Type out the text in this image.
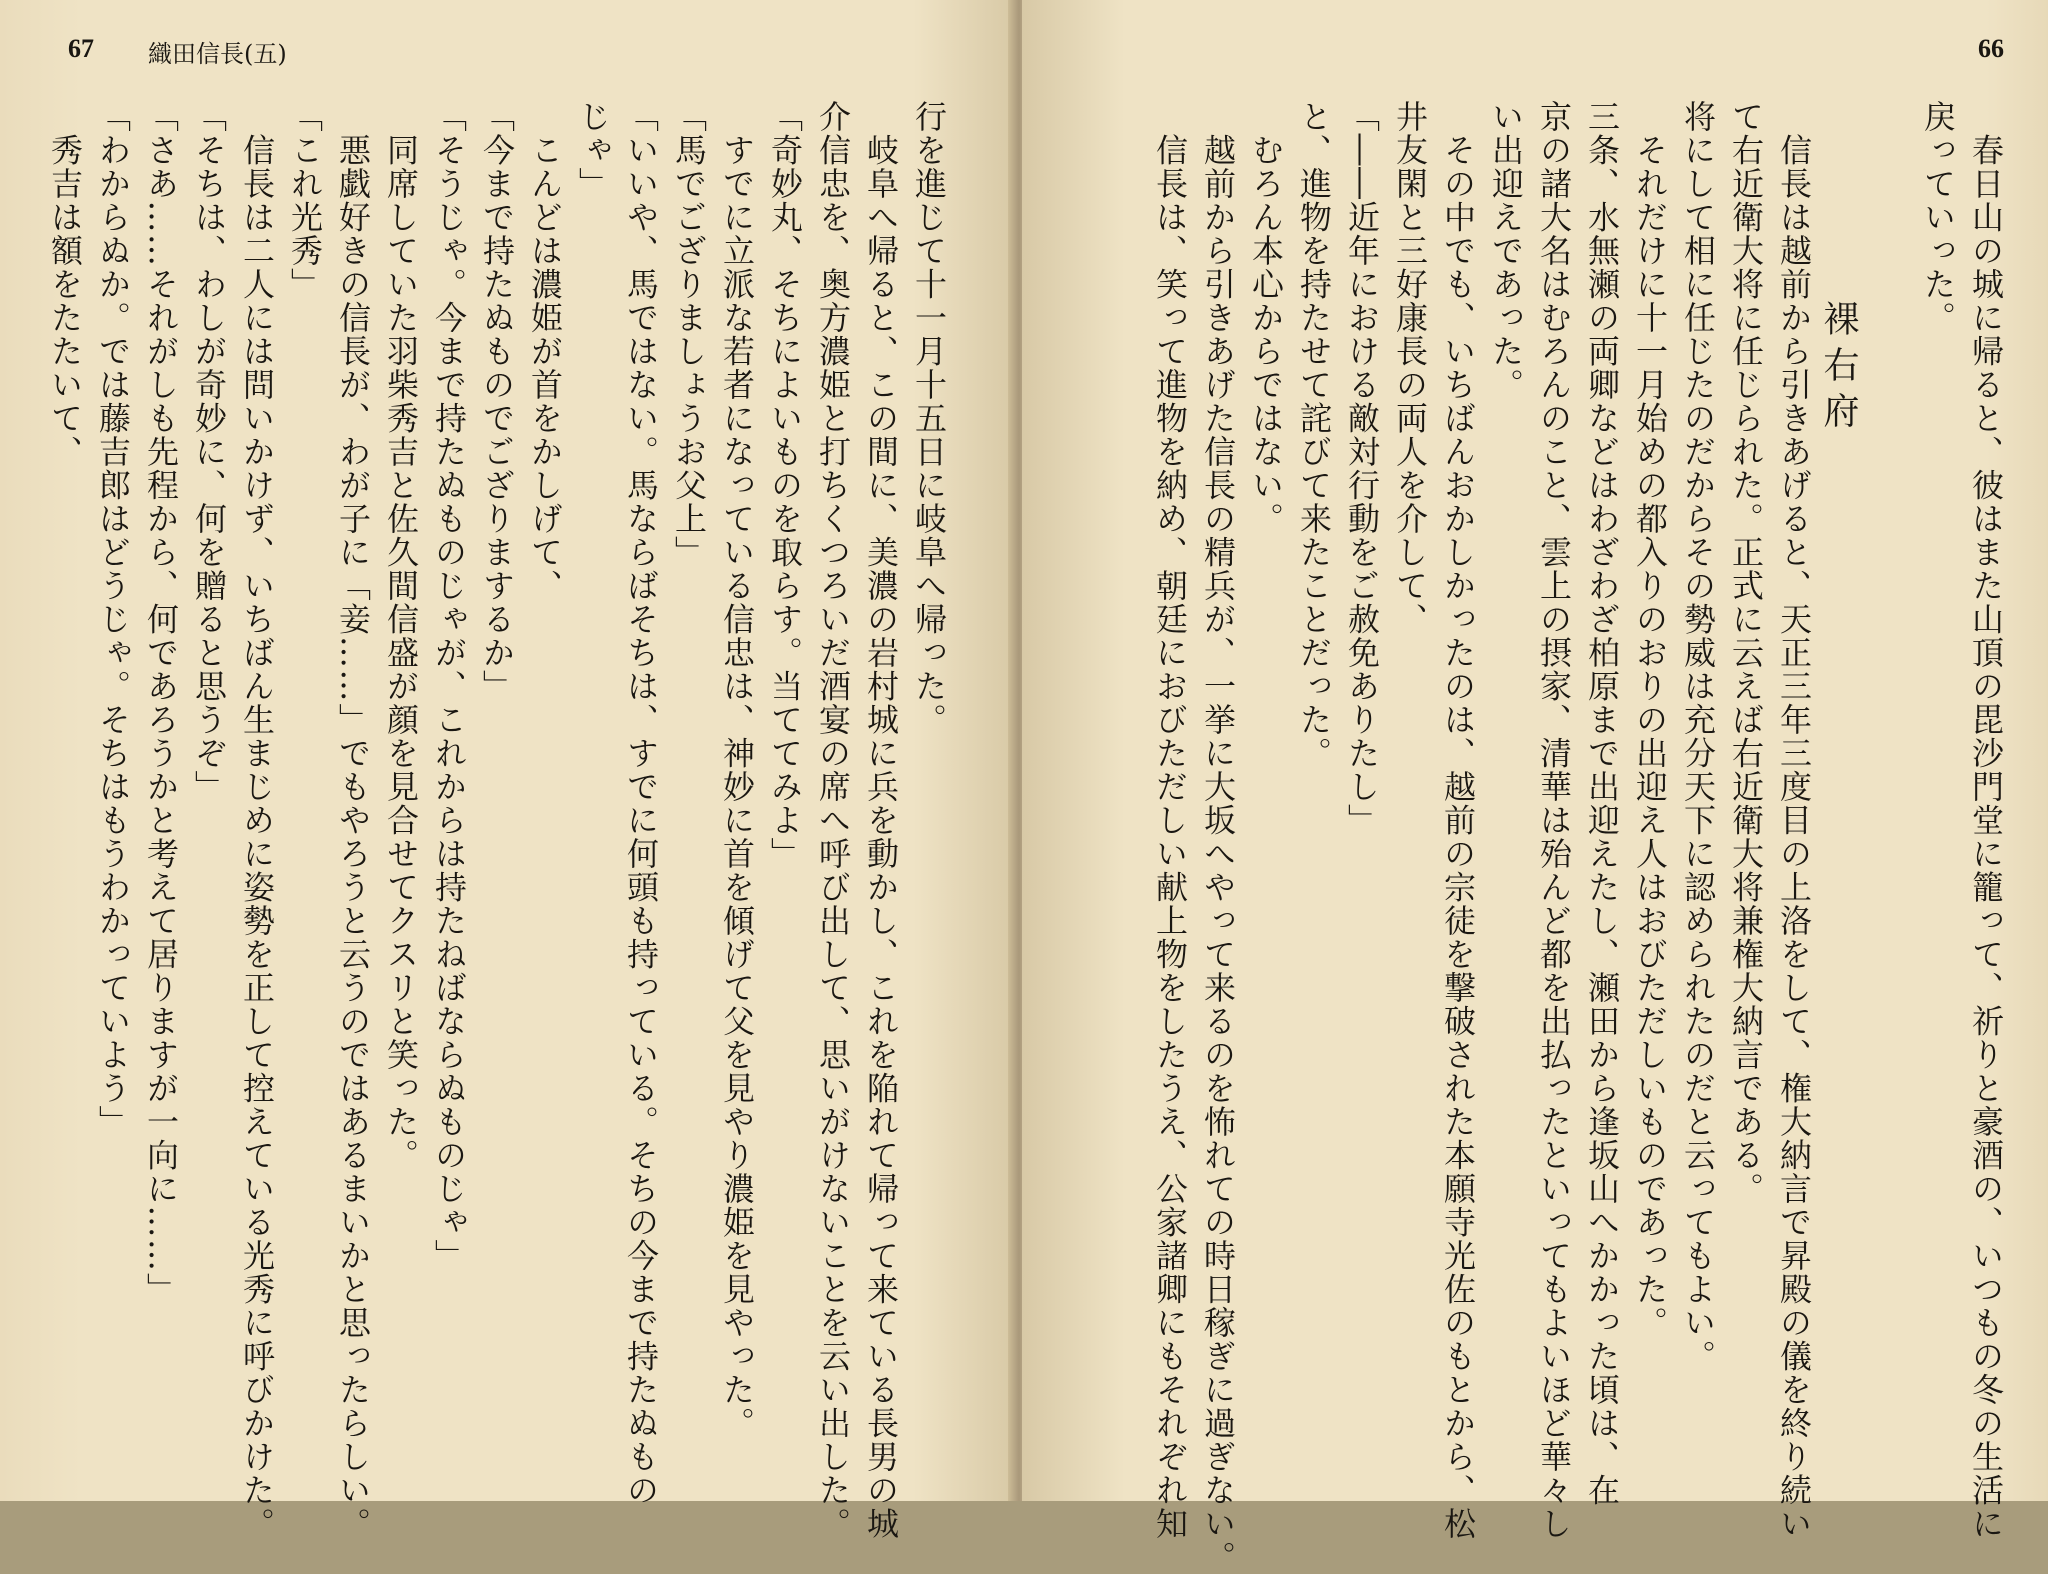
67 織田信長(五)
行を進じて十一月十五日に岐阜へ帰った。
　岐阜へ帰ると、この間に、美濃の岩村城に兵を動かし、これを陥れて帰って来ている長男の城
介信忠を、奥方濃姫と打ちくつろいだ酒宴の席へ呼び出して、思いがけないことを云い出した。
「奇妙丸、そちによいものを取らす。当ててみよ」
　すでに立派な若者になっている信忠は、神妙に首を傾げて父を見やり濃姫を見やった。
「馬でござりましょうお父上」
「いいや、馬ではない。馬ならばそちは、すでに何頭も持っている。そちの今まで持たぬもの
じゃ」
　こんどは濃姫が首をかしげて、
「今まで持たぬものでござりまするか」
「そうじゃ。今まで持たぬものじゃが、これからは持たねばならぬものじゃ」
　同席していた羽柴秀吉と佐久間信盛が顔を見合せてクスリと笑った。
　悪戯好きの信長が、わが子に「妾……」でもやろうと云うのではあるまいかと思ったらしい。
「これ光秀」
　信長は二人には問いかけず、いちばん生まじめに姿勢を正して控えている光秀に呼びかけた。
「そちは、わしが奇妙に、何を贈ると思うぞ」
「さあ……それがしも先程から、何であろうかと考えて居りますが一向に……」
「わからぬか。では藤吉郎はどうじゃ。そちはもうわかっていよう」
　秀吉は額をたたいて、
66
　春日山の城に帰ると、彼はまた山頂の毘沙門堂に籠って、祈りと豪酒の、いつもの冬の生活に
戻っていった。
裸右府
　信長は越前から引きあげると、天正三年三度目の上洛をして、権大納言で昇殿の儀を終り続い
て右近衛大将に任じられた。正式に云えば右近衛大将兼権大納言である。
将にして相に任じたのだからその勢威は充分天下に認められたのだと云ってもよい。
　それだけに十一月始めの都入りのおりの出迎え人はおびただしいものであった。
三条、水無瀬の両卿などはわざわざ柏原まで出迎えたし、瀬田から逢坂山へかかった頃は、在
京の諸大名はむろんのこと、雲上の摂家、清華は殆んど都を出払ったといってもよいほど華々し
い出迎えであった。
　その中でも、いちばんおかしかったのは、越前の宗徒を撃破された本願寺光佐のもとから、松
井友閑と三好康長の両人を介して、
「――近年における敵対行動をご赦免ありたし」
と、進物を持たせて詫びて来たことだった。
　むろん本心からではない。
　越前から引きあげた信長の精兵が、一挙に大坂へやって来るのを怖れての時日稼ぎに過ぎない。
　信長は、笑って進物を納め、朝廷におびただしい献上物をしたうえ、公家諸卿にもそれぞれ知
